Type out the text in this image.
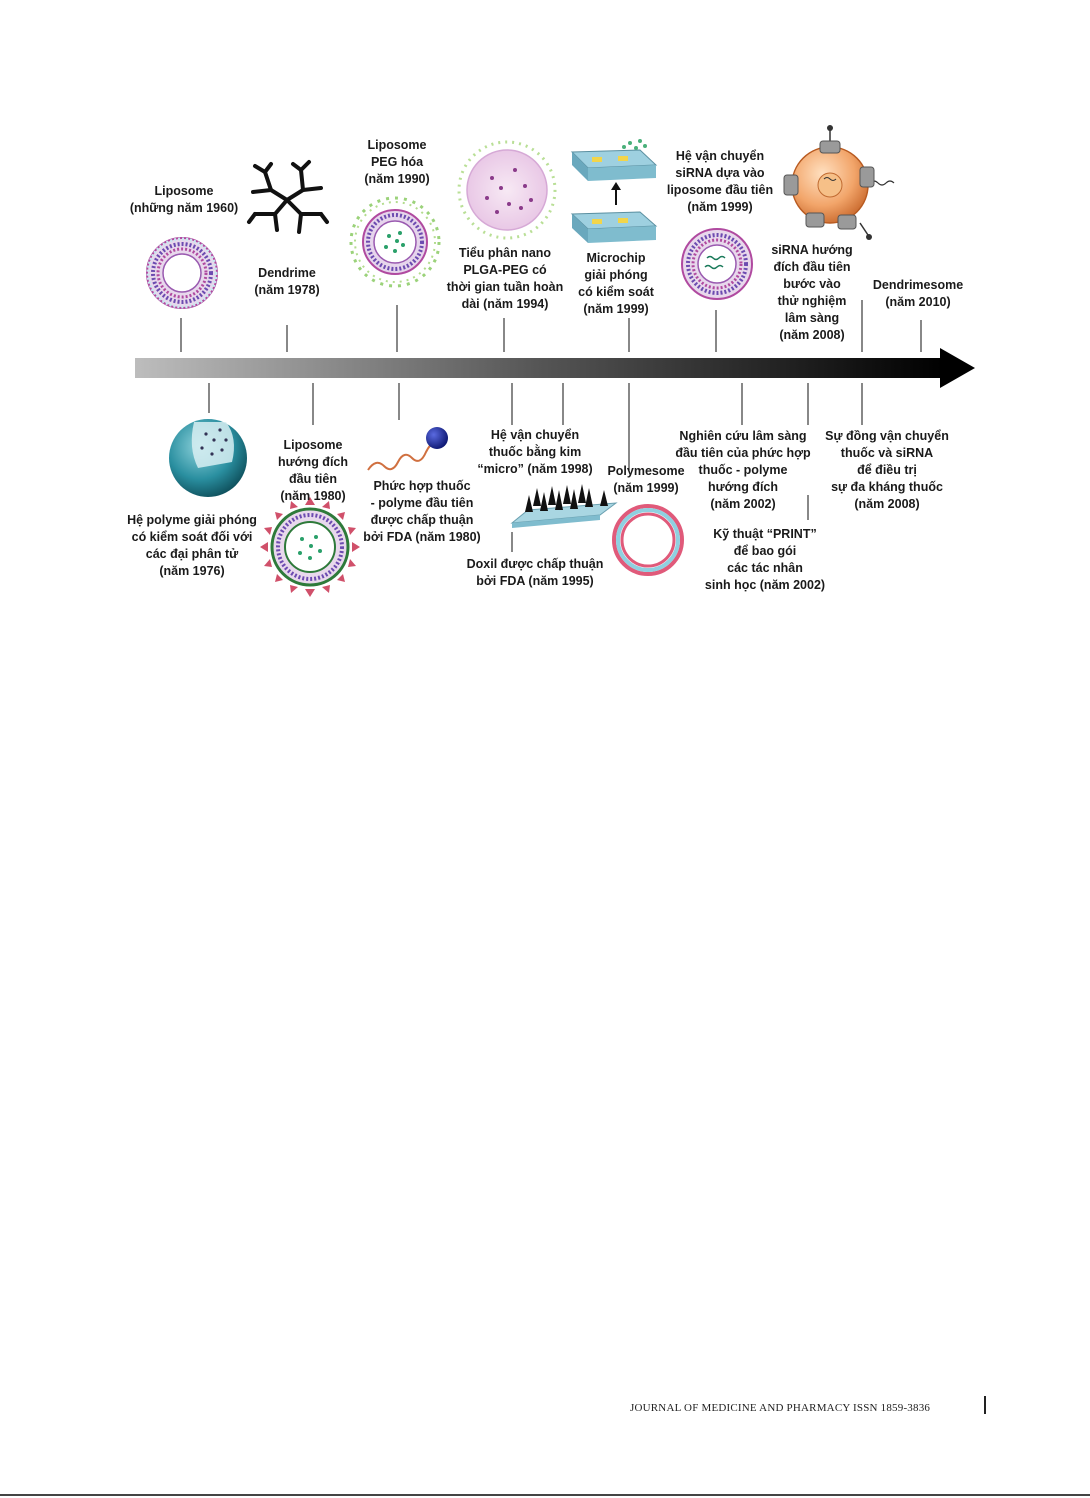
Liposome
(những năm 1960)
Dendrime
(năm 1978)
Liposome
PEG hóa
(năm 1990)
Tiểu phân nano
PLGA-PEG có
thời gian tuần hoàn
dài (năm 1994)
Microchip
giải phóng
có kiểm soát
(năm 1999)
Hệ vận chuyển
siRNA dựa vào
liposome đầu tiên
(năm 1999)
siRNA hướng
đích đầu tiên
bước vào
thử nghiệm
lâm sàng
(năm 2008)
Dendrimesome
(năm 2010)
Hệ polyme giải phóng
có kiểm soát đối với
các đại phân tử
(năm 1976)
Liposome
hướng đích
đầu tiên
(năm 1980)
Phức hợp thuốc
- polyme đầu tiên
được chấp thuận
bởi FDA (năm 1980)
Hệ vận chuyển
thuốc bằng kim
“micro” (năm 1998)
Doxil được chấp thuận
bởi FDA (năm 1995)
Polymesome
(năm 1999)
Nghiên cứu lâm sàng
đầu tiên của phức hợp
thuốc - polyme
hướng đích
(năm 2002)
Kỹ thuật “PRINT”
để bao gói
các tác nhân
sinh học (năm 2002)
Sự đồng vận chuyển
thuốc và siRNA
để điều trị
sự đa kháng thuốc
(năm 2008)
JOURNAL OF MEDICINE AND PHARMACY ISSN 1859-3836
